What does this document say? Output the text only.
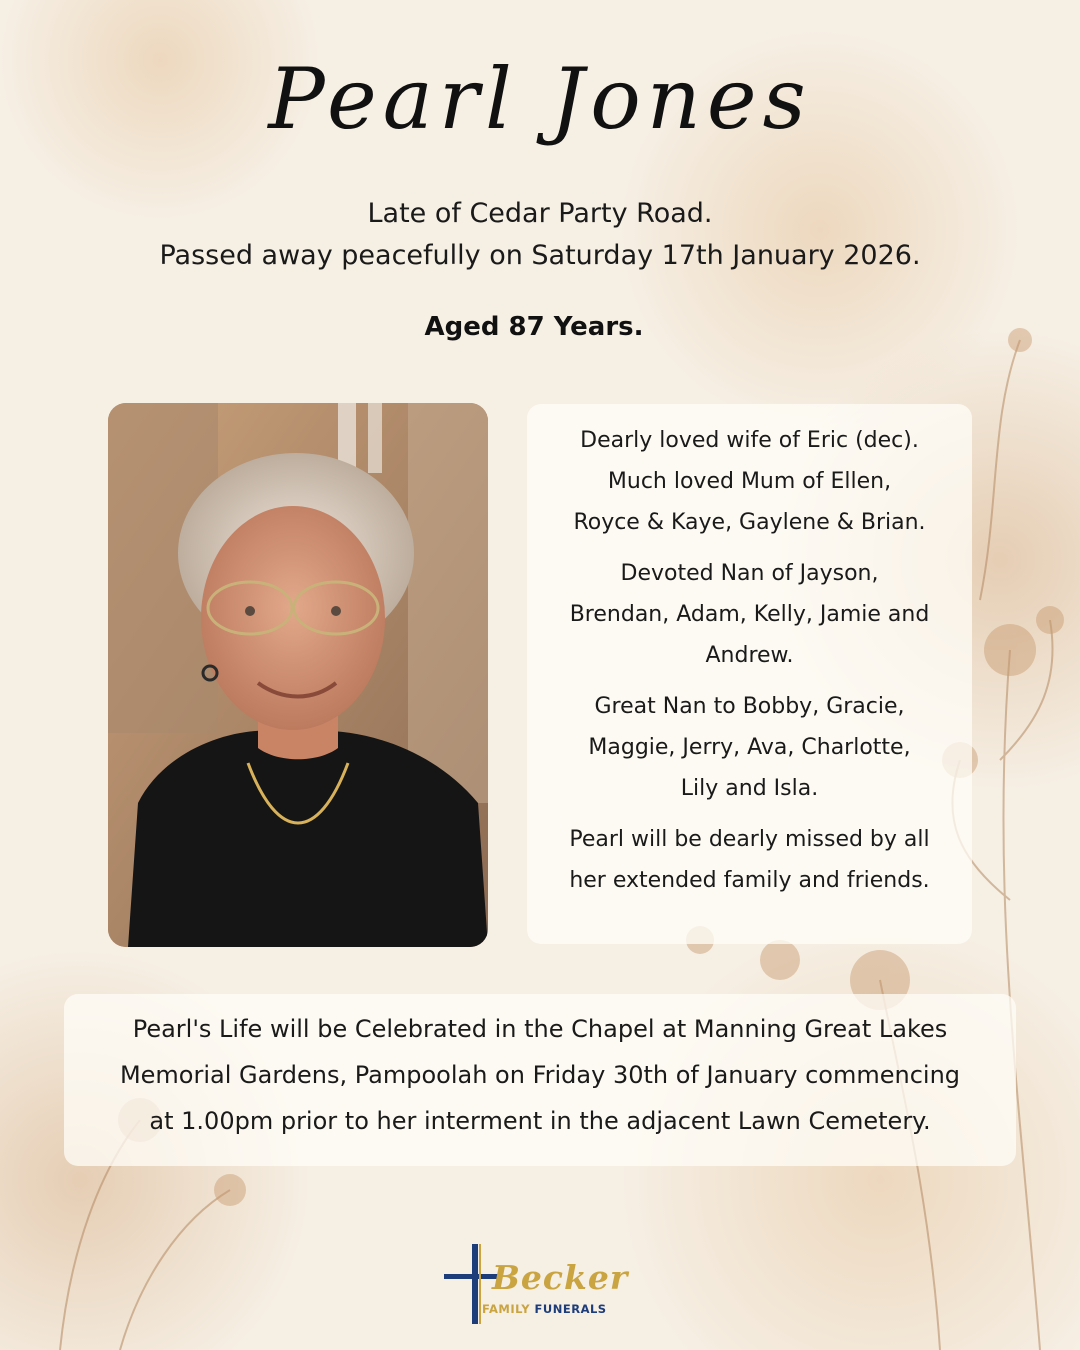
Pearl Jones
Late of Cedar Party Road.
Passed away peacefully on Saturday 17th January 2026.
Aged 87 Years.

Dearly loved wife of Eric (dec).
Much loved Mum of Ellen,
Royce & Kaye, Gaylene & Brian.

Devoted Nan of Jayson,
Brendan, Adam, Kelly, Jamie and
Andrew.

Great Nan to Bobby, Gracie,
Maggie, Jerry, Ava, Charlotte,
Lily and Isla.

Pearl will be dearly missed by all
her extended family and friends.

Pearl's Life will be Celebrated in the Chapel at Manning Great Lakes
Memorial Gardens, Pampoolah on Friday 30th of January commencing
at 1.00pm prior to her interment in the adjacent Lawn Cemetery.
Becker
FAMILY FUNERALS
